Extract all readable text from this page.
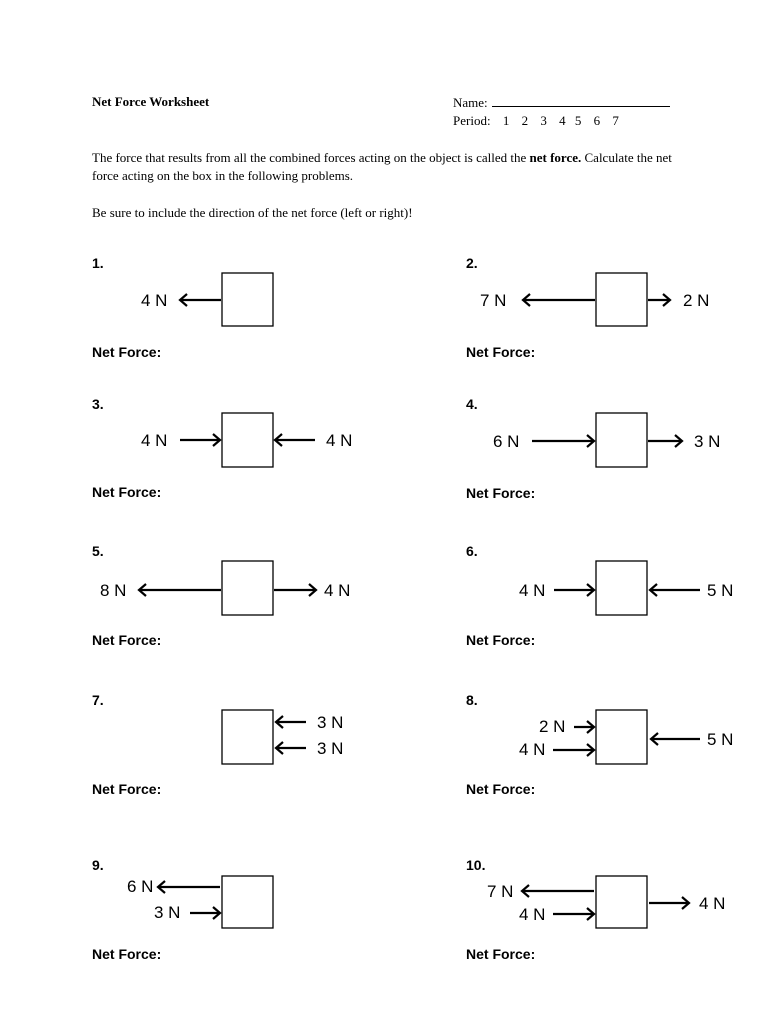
Net Force Worksheet	Name:
Period: 1 2 3 4 5 6 7
The force that results from all the combined forces acting on the object is called the net force. Calculate the net force acting on the box in the following problems.
Be sure to include the direction of the net force (left or right)!
1.	2.
3.	4.
5.	6.
7.	8.
9.	10.
Net Force:	Net Force:
Net Force:	Net Force:
Net Force:	Net Force:
Net Force:	Net Force:
Net Force:	Net Force:
4 N	7 N	2 N
4 N	4 N	6 N	3 N
8 N	4 N	4 N	5 N
3 N
3 N
2 N
4 N
5 N
6 N
3 N
7 N
4 N
4 N
